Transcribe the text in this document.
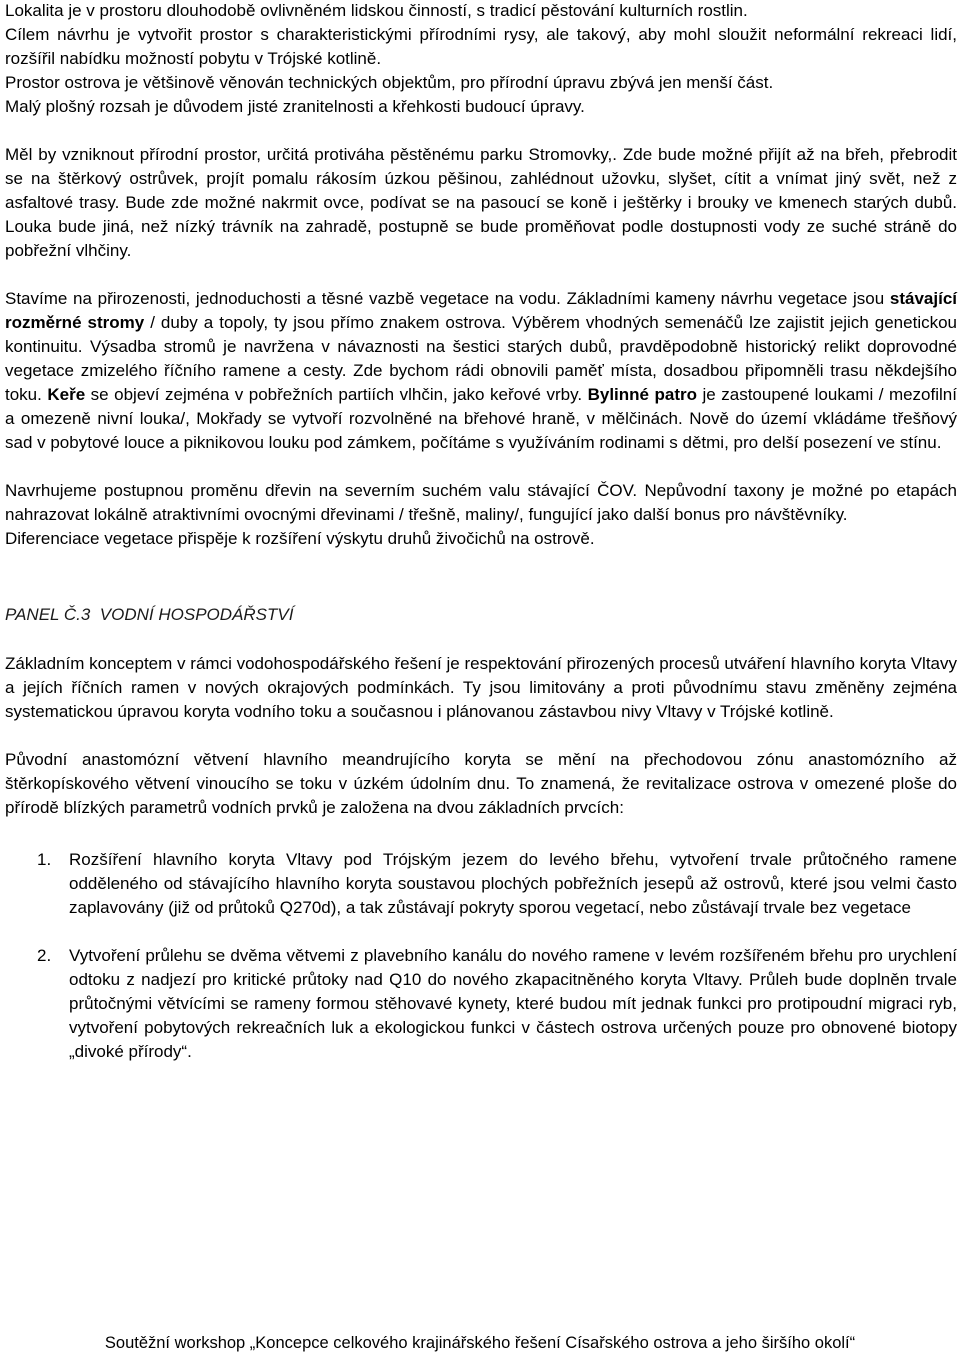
Lokalita je v prostoru dlouhodobě ovlivněném lidskou činností, s tradicí pěstování kulturních rostlin.

Cílem návrhu je vytvořit prostor s charakteristickými přírodními rysy, ale takový, aby mohl sloužit neformální rekreaci lidí, rozšířil nabídku možností pobytu v Trójské kotlině.
Prostor ostrova je většinově věnován technických objektům, pro přírodní úpravu zbývá jen menší část.
Malý plošný rozsah je důvodem jisté zranitelnosti a křehkosti budoucí úpravy.

Měl by vzniknout přírodní prostor, určitá protiváha pěstěnému parku Stromovky,. Zde bude možné přijít až na břeh, přebrodit se na štěrkový ostrůvek, projít pomalu rákosím úzkou pěšinou, zahlédnout užovku, slyšet, cítit a vnímat jiný svět, než z asfaltové trasy. Bude zde možné nakrmit ovce, podívat se na pasoucí se koně i ještěrky i brouky ve kmenech starých dubů. Louka bude jiná, než nízký trávník na zahradě, postupně se bude proměňovat podle dostupnosti vody ze suché stráně do pobřežní vlhčiny.

Stavíme na přirozenosti, jednoduchosti a těsné vazbě vegetace na vodu. Základními kameny návrhu vegetace jsou stávající rozměrné stromy / duby a topoly, ty jsou přímo znakem ostrova. Výběrem vhodných semenáčů lze zajistit jejich genetickou kontinuitu. Výsadba stromů je navržena v návaznosti na šestici starých dubů, pravděpodobně historický relikt doprovodné vegetace zmizelého říčního ramene a cesty. Zde bychom rádi obnovili paměť místa, dosadbou připomněli trasu někdejšího toku. Keře se objeví zejména v pobřežních partiích vlhčin, jako keřové vrby. Bylinné patro je zastoupené loukami / mezofilní a omezeně nivní louka/, Mokřady se vytvoří rozvolněné na břehové hraně, v mělčinách. Nově do území vkládáme třešňový sad v pobytové louce a piknikovou louku pod zámkem, počítáme s využíváním rodinami s dětmi, pro delší posezení ve stínu.

Navrhujeme postupnou proměnu dřevin na severním suchém valu stávající ČOV. Nepůvodní taxony je možné po etapách nahrazovat lokálně atraktivními ovocnými dřevinami / třešně, maliny/, fungující jako další bonus pro návštěvníky.

Diferenciace vegetace přispěje k rozšíření výskytu druhů živočichů na ostrově.

PANEL Č.3  VODNÍ HOSPODÁŘSTVÍ

Základním konceptem v rámci vodohospodářského řešení je respektování přirozených procesů utváření hlavního koryta Vltavy a jejích říčních ramen v nových okrajových podmínkách. Ty jsou limitovány a proti původnímu stavu změněny zejména systematickou úpravou koryta vodního toku a současnou i plánovanou zástavbou nivy Vltavy v Trójské kotlině.

Původní anastomózní větvení hlavního meandrujícího koryta se mění na přechodovou zónu anastomózního až štěrkopískového větvení vinoucího se toku v úzkém údolním dnu. To znamená, že revitalizace ostrova v omezené ploše do přírodě blízkých parametrů vodních prvků je založena na dvou základních prvcích:

1. Rozšíření hlavního koryta Vltavy pod Trójským jezem do levého břehu, vytvoření trvale průtočného ramene odděleného od stávajícího hlavního koryta soustavou plochých pobřežních jesepů až ostrovů, které jsou velmi často zaplavovány (již od průtoků Q270d), a tak zůstávají pokryty sporou vegetací, nebo zůstávají trvale bez vegetace

2. Vytvoření průlehu se dvěma větvemi z plavebního kanálu do nového ramene v levém rozšířeném břehu pro urychlení odtoku z nadjezí pro kritické průtoky nad Q10 do nového zkapacitněného koryta Vltavy. Průleh bude doplněn trvale průtočnými větvícími se rameny formou stěhovavé kynety, které budou mít jednak funkci pro protipoudní migraci ryb, vytvoření pobytových rekreačních luk a ekologickou funkci v částech ostrova určených pouze pro obnovené biotopy „divoké přírody“.

Soutěžní workshop „Koncepce celkového krajinářského řešení Císařského ostrova a jeho širšího okolí“
